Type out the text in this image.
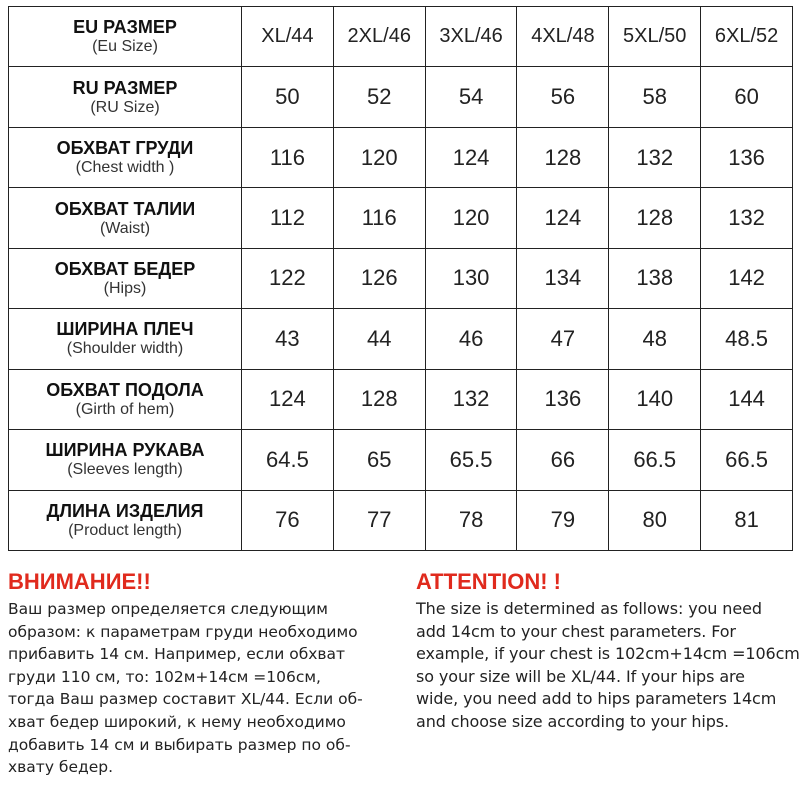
EU РАЗМЕР
(Eu Size)	XL/44	2XL/46	3XL/46	4XL/48	5XL/50	6XL/52

RU РАЗМЕР
(RU Size)	50	52	54	56	58	60

ОБХВАТ ГРУДИ
(Chest width )	116	120	124	128	132	136

ОБХВАТ ТАЛИИ
(Waist)	112	116	120	124	128	132

ОБХВАТ БЕДЕР
(Hips)	122	126	130	134	138	142

ШИРИНА ПЛЕЧ
(Shoulder width)	43	44	46	47	48	48.5

ОБХВАТ ПОДОЛА
(Girth of hem)	124	128	132	136	140	144

ШИРИНА РУКАВА
(Sleeves length)	64.5	65	65.5	66	66.5	66.5

ДЛИНА ИЗДЕЛИЯ
(Product length)	76	77	78	79	80	81
ВНИМАНИЕ!!

Ваш размер определяется следующим
образом: к параметрам груди необходимо
прибавить 14 см. Например, если обхват
груди 110 см, то: 102м+14см =106см,
тогда Ваш размер составит XL/44. Если об-
хват бедер широкий, к нему необходимо
добавить 14 см и выбирать размер по об-
хвату бедер.

ATTENTION! !

The size is determined as follows: you need
add 14cm to your chest parameters. For
example, if your chest is 102cm+14cm =106cm
so your size will be XL/44. If your hips are
wide, you need add to hips parameters 14cm
and choose size according to your hips.
